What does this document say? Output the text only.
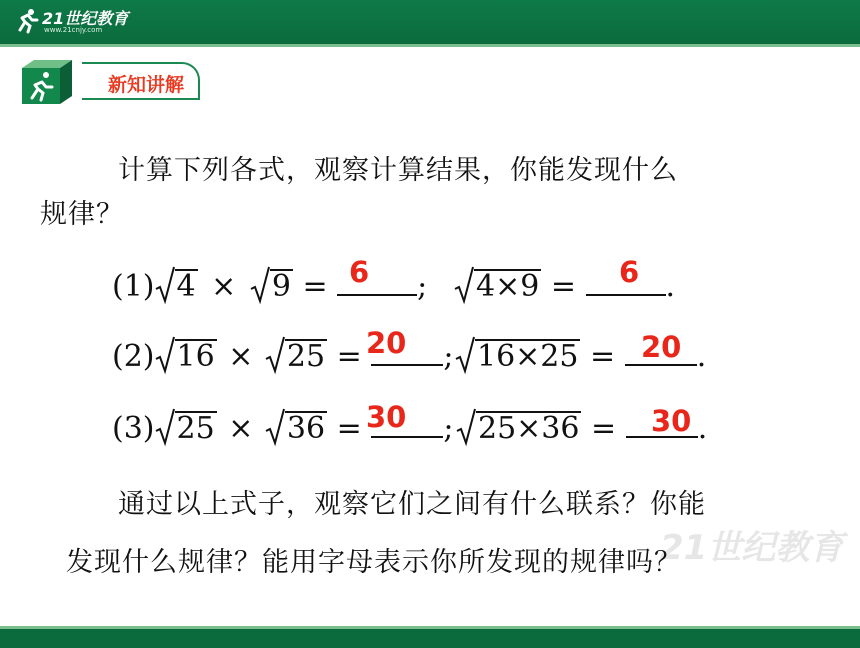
21世纪教育
www.21cnjy.com
新知讲解
计算下列各式，观察计算结果，你能发现什么
规律？
(1) 4 ×
9 =	;
6	4×9 =	.
6
(2) 16 ×
25 = ;
20	16×25 = .
20
(3) 25 ×
36 = ;
30	25×36 = .
30
21世纪教育
通过以上式子，观察它们之间有什么联系？你能
发现什么规律？能用字母表示你所发现的规律吗？
